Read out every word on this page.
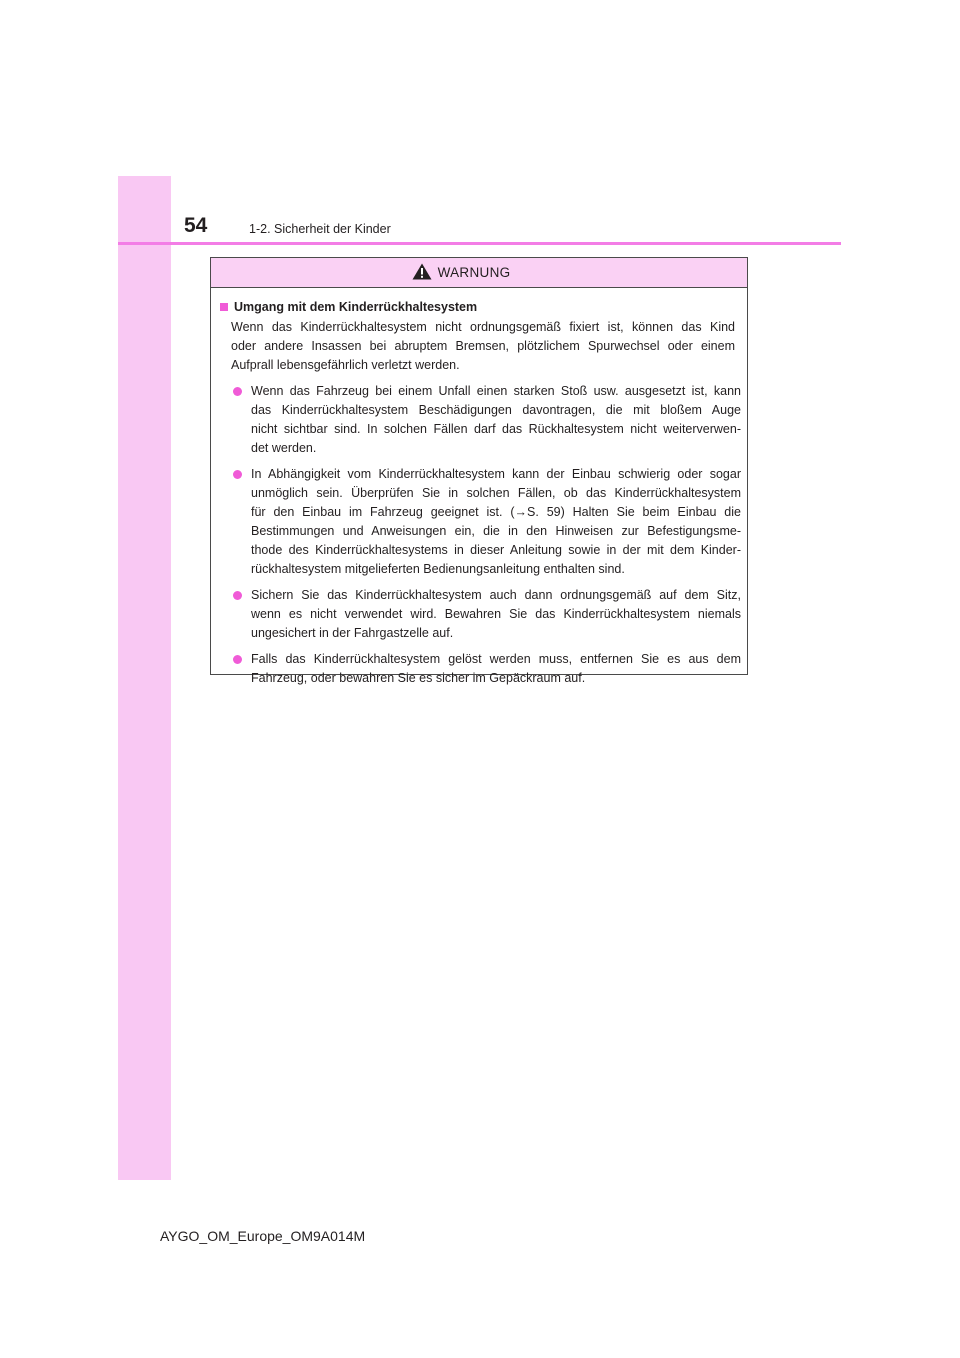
54	1-2. Sicherheit der Kinder
WARNUNG
Umgang mit dem Kinderrückhaltesystem

Wenn das Kinderrückhaltesystem nicht ordnungsgemäß fixiert ist, können das Kind
oder andere Insassen bei abruptem Bremsen, plötzlichem Spurwechsel oder einem
Aufprall lebensgefährlich verletzt werden.

Wenn das Fahrzeug bei einem Unfall einen starken Stoß usw. ausgesetzt ist, kann
das Kinderrückhaltesystem Beschädigungen davontragen, die mit bloßem Auge
nicht sichtbar sind. In solchen Fällen darf das Rückhaltesystem nicht weiterverwen-
det werden.
In Abhängigkeit vom Kinderrückhaltesystem kann der Einbau schwierig oder sogar
unmöglich sein. Überprüfen Sie in solchen Fällen, ob das Kinderrückhaltesystem
für den Einbau im Fahrzeug geeignet ist. (→S. 59) Halten Sie beim Einbau die
Bestimmungen und Anweisungen ein, die in den Hinweisen zur Befestigungsme-
thode des Kinderrückhaltesystems in dieser Anleitung sowie in der mit dem Kinder-
rückhaltesystem mitgelieferten Bedienungsanleitung enthalten sind.
Sichern Sie das Kinderrückhaltesystem auch dann ordnungsgemäß auf dem Sitz,
wenn es nicht verwendet wird. Bewahren Sie das Kinderrückhaltesystem niemals
ungesichert in der Fahrgastzelle auf.
Falls das Kinderrückhaltesystem gelöst werden muss, entfernen Sie es aus dem
Fahrzeug, oder bewahren Sie es sicher im Gepäckraum auf.
AYGO_OM_Europe_OM9A014M
